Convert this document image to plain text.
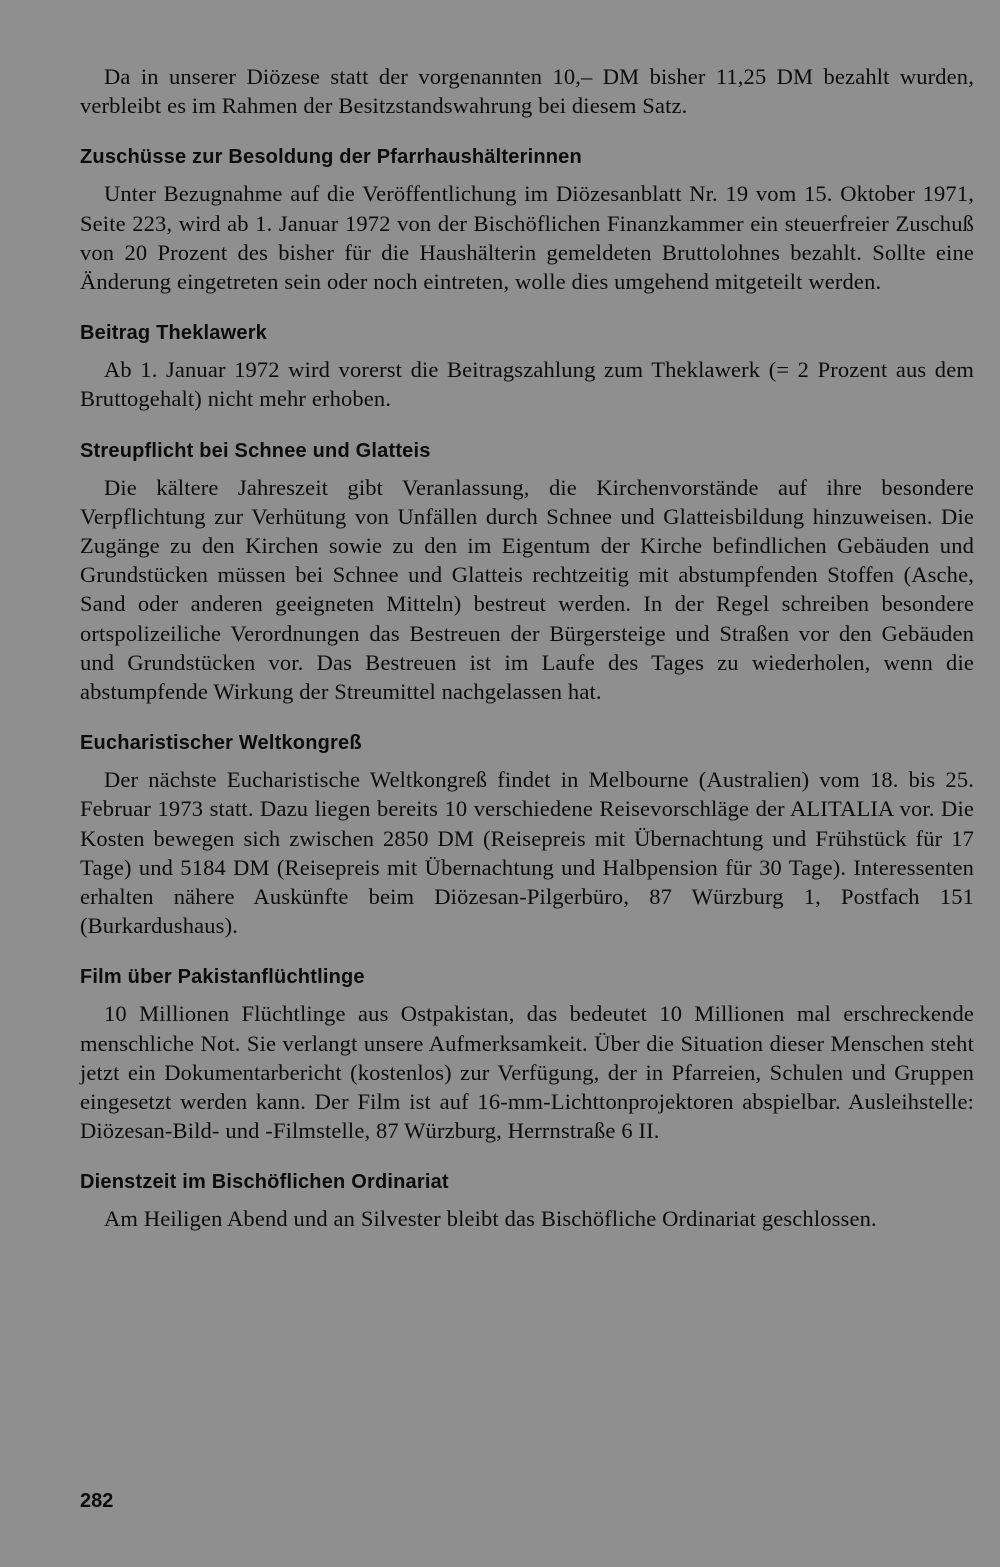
Da in unserer Diözese statt der vorgenannten 10,– DM bisher 11,25 DM bezahlt wurden, verbleibt es im Rahmen der Besitzstandswahrung bei diesem Satz.

Zuschüsse zur Besoldung der Pfarrhaushälterinnen

Unter Bezugnahme auf die Veröffentlichung im Diözesanblatt Nr. 19 vom 15. Oktober 1971, Seite 223, wird ab 1. Januar 1972 von der Bischöflichen Finanzkammer ein steuerfreier Zuschuß von 20 Prozent des bisher für die Haushälterin gemeldeten Bruttolohnes bezahlt. Sollte eine Änderung eingetreten sein oder noch eintreten, wolle dies umgehend mitgeteilt werden.

Beitrag Theklawerk

Ab 1. Januar 1972 wird vorerst die Beitragszahlung zum Theklawerk (= 2 Prozent aus dem Bruttogehalt) nicht mehr erhoben.

Streupflicht bei Schnee und Glatteis

Die kältere Jahreszeit gibt Veranlassung, die Kirchenvorstände auf ihre besondere Verpflichtung zur Verhütung von Unfällen durch Schnee und Glatteisbildung hinzuweisen. Die Zugänge zu den Kirchen sowie zu den im Eigentum der Kirche befindlichen Gebäuden und Grundstücken müssen bei Schnee und Glatteis rechtzeitig mit abstumpfenden Stoffen (Asche, Sand oder anderen geeigneten Mitteln) bestreut werden. In der Regel schreiben besondere ortspolizeiliche Verordnungen das Bestreuen der Bürgersteige und Straßen vor den Gebäuden und Grundstücken vor. Das Bestreuen ist im Laufe des Tages zu wiederholen, wenn die abstumpfende Wirkung der Streumittel nachgelassen hat.

Eucharistischer Weltkongreß

Der nächste Eucharistische Weltkongreß findet in Melbourne (Australien) vom 18. bis 25. Februar 1973 statt. Dazu liegen bereits 10 verschiedene Reisevorschläge der ALITALIA vor. Die Kosten bewegen sich zwischen 2850 DM (Reisepreis mit Übernachtung und Frühstück für 17 Tage) und 5184 DM (Reisepreis mit Übernachtung und Halbpension für 30 Tage). Interessenten erhalten nähere Auskünfte beim Diözesan-Pilgerbüro, 87 Würzburg 1, Postfach 151 (Burkardushaus).

Film über Pakistanflüchtlinge

10 Millionen Flüchtlinge aus Ostpakistan, das bedeutet 10 Millionen mal erschreckende menschliche Not. Sie verlangt unsere Aufmerksamkeit. Über die Situation dieser Menschen steht jetzt ein Dokumentarbericht (kostenlos) zur Verfügung, der in Pfarreien, Schulen und Gruppen eingesetzt werden kann. Der Film ist auf 16-mm-Lichttonprojektoren abspielbar. Ausleihstelle: Diözesan-Bild- und -Filmstelle, 87 Würzburg, Herrnstraße 6 II.

Dienstzeit im Bischöflichen Ordinariat

Am Heiligen Abend und an Silvester bleibt das Bischöfliche Ordinariat geschlossen.

282
